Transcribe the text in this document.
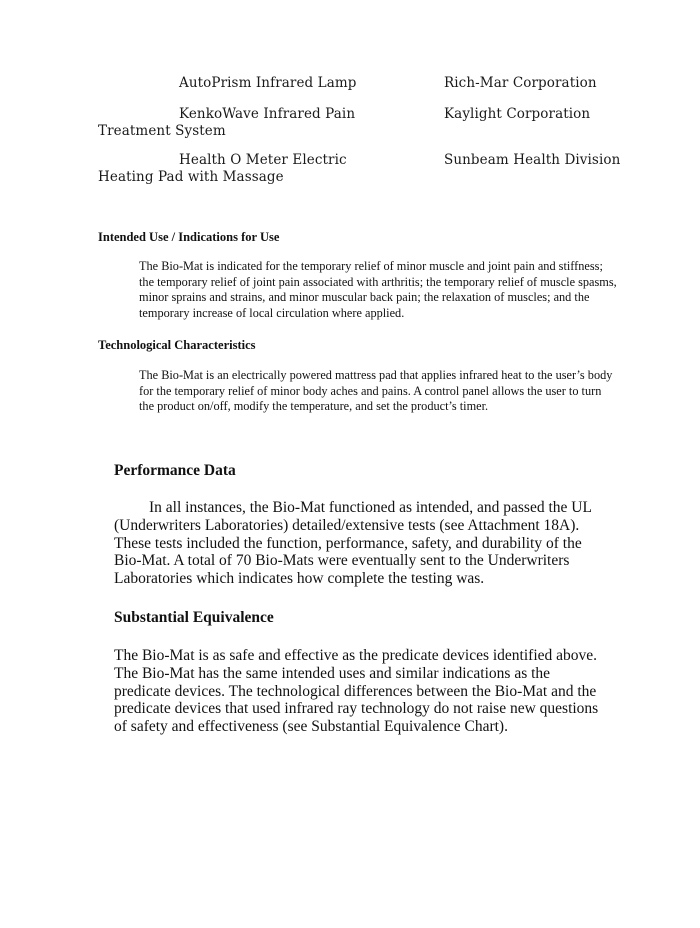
AutoPrism Infrared Lamp	Rich-Mar Corporation
KenkoWave Infrared Pain Treatment System
Kaylight Corporation
Health O Meter Electric Heating Pad with Massage
Sunbeam Health Division
Intended Use / Indications for Use
The Bio-Mat is indicated for the temporary relief of minor muscle and joint pain and stiffness; the temporary relief of joint pain associated with arthritis; the temporary relief of muscle spasms, minor sprains and strains, and minor muscular back pain; the relaxation of muscles; and the temporary increase of local circulation where applied.
Technological Characteristics
The Bio-Mat is an electrically powered mattress pad that applies infrared heat to the user’s body for the temporary relief of minor body aches and pains. A control panel allows the user to turn the product on/off, modify the temperature, and set the product’s timer.
Performance Data
In all instances, the Bio-Mat functioned as intended, and passed the UL (Underwriters Laboratories) detailed/extensive tests (see Attachment 18A). These tests included the function, performance, safety, and durability of the Bio-Mat. A total of 70 Bio-Mats were eventually sent to the Underwriters Laboratories which indicates how complete the testing was.
Substantial Equivalence
The Bio-Mat is as safe and effective as the predicate devices identified above. The Bio-Mat has the same intended uses and similar indications as the predicate devices. The technological differences between the Bio-Mat and the predicate devices that used infrared ray technology do not raise new questions of safety and effectiveness (see Substantial Equivalence Chart).
